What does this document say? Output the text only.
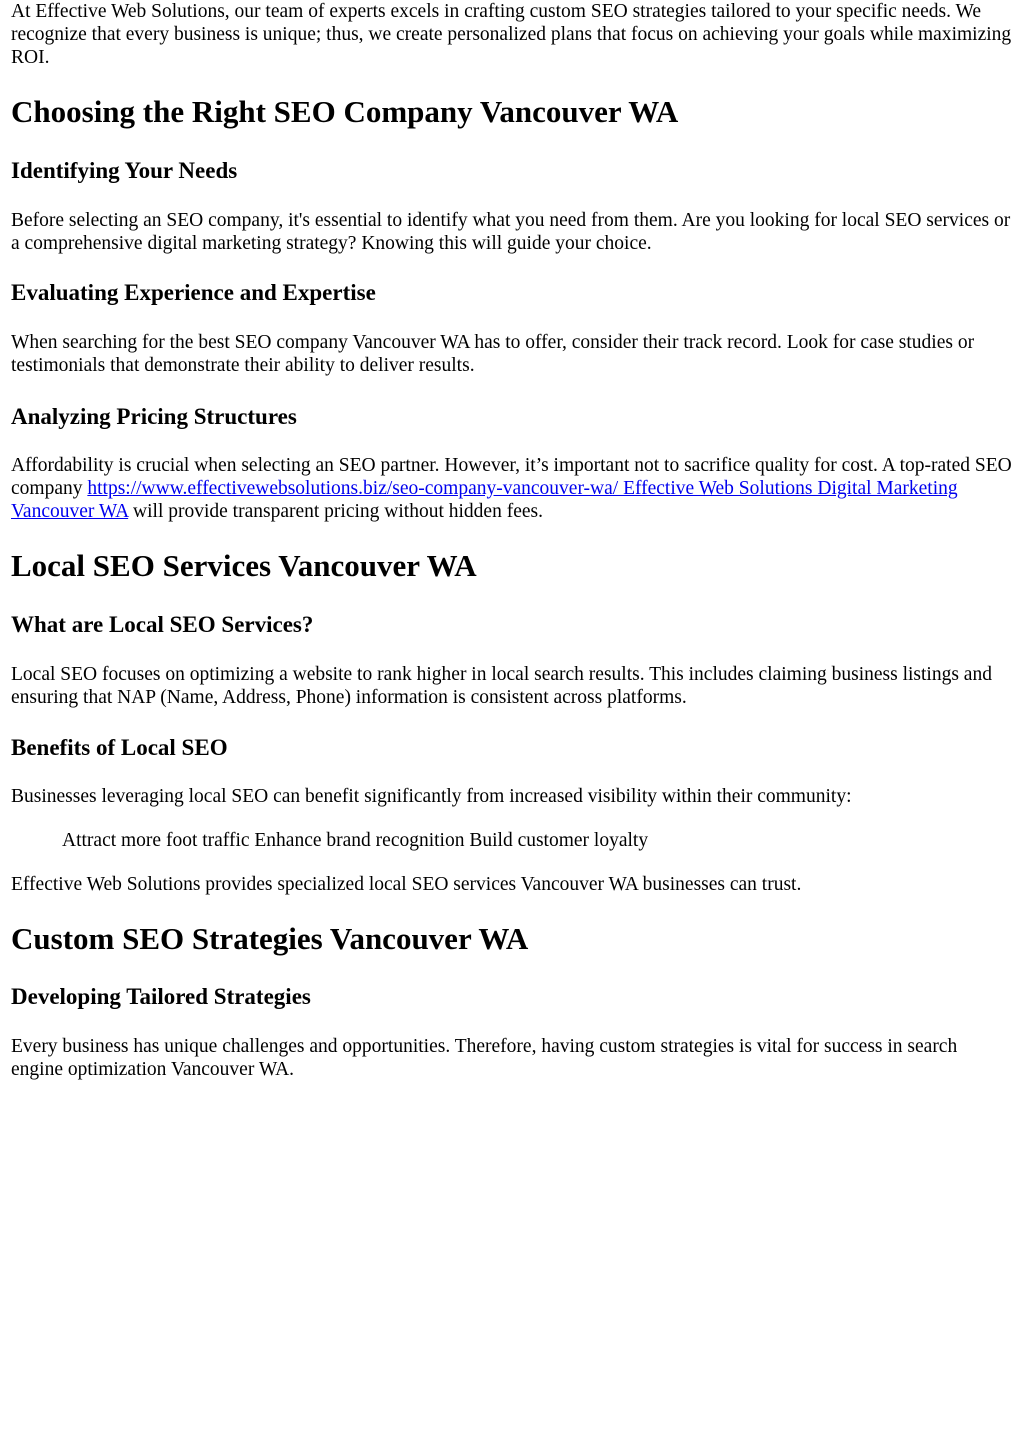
At Effective Web Solutions, our team of experts excels in crafting custom SEO strategies tailored to your specific needs. We recognize that every business is unique; thus, we create personalized plans that focus on achieving your goals while maximizing ROI.

Choosing the Right SEO Company Vancouver WA
Identifying Your Needs

Before selecting an SEO company, it's essential to identify what you need from them. Are you looking for local SEO services or a comprehensive digital marketing strategy? Knowing this will guide your choice.

Evaluating Experience and Expertise

When searching for the best SEO company Vancouver WA has to offer, consider their track record. Look for case studies or testimonials that demonstrate their ability to deliver results.

Analyzing Pricing Structures

Affordability is crucial when selecting an SEO partner. However, it’s important not to sacrifice quality for cost. A top-rated SEO company https://www.effectivewebsolutions.biz/seo-company-vancouver-wa/ Effective Web Solutions Digital Marketing Vancouver WA will provide transparent pricing without hidden fees.

Local SEO Services Vancouver WA
What are Local SEO Services?

Local SEO focuses on optimizing a website to rank higher in local search results. This includes claiming business listings and ensuring that NAP (Name, Address, Phone) information is consistent across platforms.

Benefits of Local SEO

Businesses leveraging local SEO can benefit significantly from increased visibility within their community:

Attract more foot traffic Enhance brand recognition Build customer loyalty

Effective Web Solutions provides specialized local SEO services Vancouver WA businesses can trust.

Custom SEO Strategies Vancouver WA
Developing Tailored Strategies

Every business has unique challenges and opportunities. Therefore, having custom strategies is vital for success in search engine optimization Vancouver WA.
